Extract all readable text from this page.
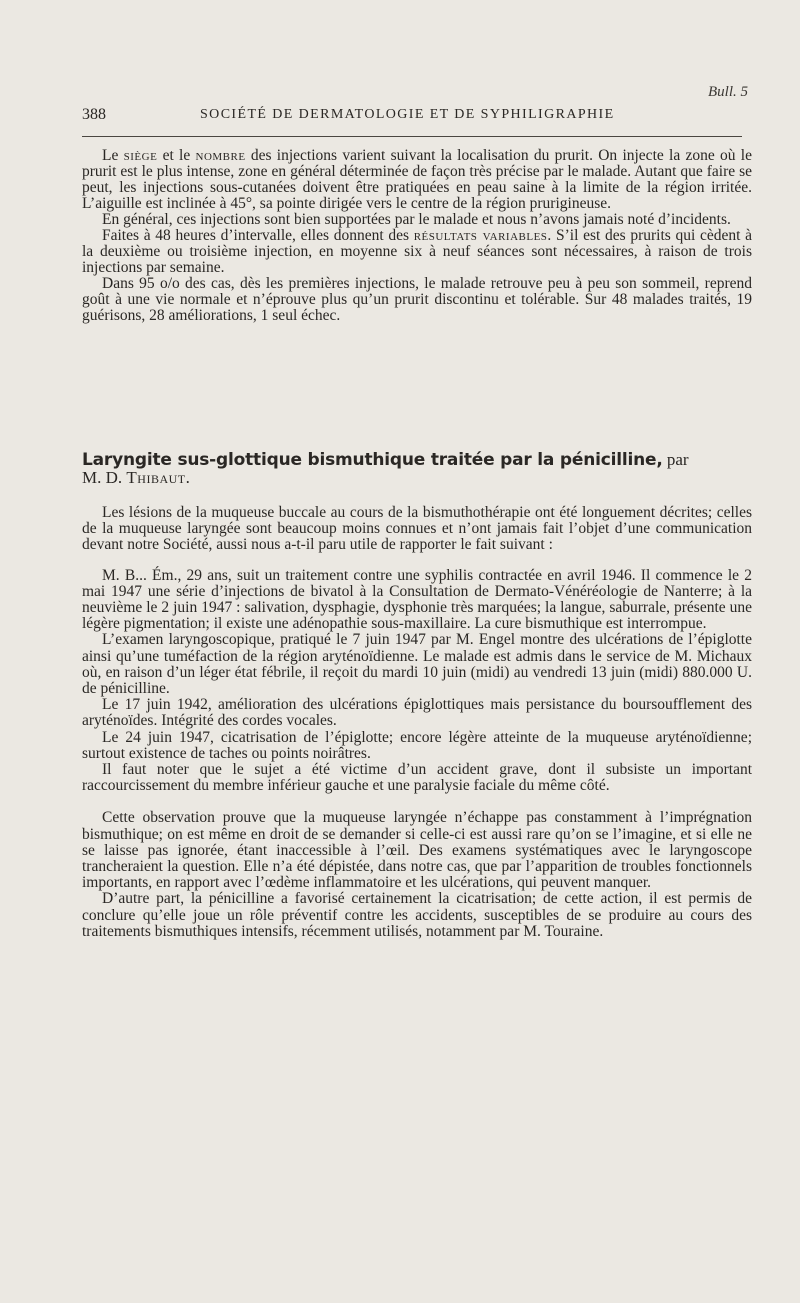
Bull. 5
388	SOCIÉTÉ DE DERMATOLOGIE ET DE SYPHILIGRAPHIE

Le siège et le nombre des injections varient suivant la localisation du prurit. On injecte la zone où le prurit est le plus intense, zone en général déterminée de façon très précise par le malade. Autant que faire se peut, les injections sous-cutanées doivent être pratiquées en peau saine à la limite de la région irritée. L’aiguille est inclinée à 45°, sa pointe dirigée vers le centre de la région prurigineuse.

En général, ces injections sont bien supportées par le malade et nous n’avons jamais noté d’incidents.

Faites à 48 heures d’intervalle, elles donnent des résultats variables. S’il est des prurits qui cèdent à la deuxième ou troisième injection, en moyenne six à neuf séances sont nécessaires, à raison de trois injections par semaine.

Dans 95 o/o des cas, dès les premières injections, le malade retrouve peu à peu son sommeil, reprend goût à une vie normale et n’éprouve plus qu’un prurit discontinu et tolérable. Sur 48 malades traités, 19 guérisons, 28 améliorations, 1 seul échec.

Laryngite sus-glottique bismuthique traitée par la pénicilline, par
M. D. Thibaut.

Les lésions de la muqueuse buccale au cours de la bismuthothérapie ont été longuement décrites; celles de la muqueuse laryngée sont beaucoup moins connues et n’ont jamais fait l’objet d’une communication devant notre Société, aussi nous a-t-il paru utile de rapporter le fait suivant :

M. B... Ém., 29 ans, suit un traitement contre une syphilis contractée en avril 1946. Il commence le 2 mai 1947 une série d’injections de bivatol à la Consultation de Dermato-Vénéréologie de Nanterre; à la neuvième le 2 juin 1947 : salivation, dysphagie, dysphonie très marquées; la langue, saburrale, présente une légère pigmentation; il existe une adénopathie sous-maxillaire. La cure bismuthique est interrompue.

L’examen laryngoscopique, pratiqué le 7 juin 1947 par M. Engel montre des ulcérations de l’épiglotte ainsi qu’une tuméfaction de la région aryténoïdienne. Le malade est admis dans le service de M. Michaux où, en raison d’un léger état fébrile, il reçoit du mardi 10 juin (midi) au vendredi 13 juin (midi) 880.000 U. de pénicilline.

Le 17 juin 1942, amélioration des ulcérations épiglottiques mais persistance du boursoufflement des aryténoïdes. Intégrité des cordes vocales.

Le 24 juin 1947, cicatrisation de l’épiglotte; encore légère atteinte de la muqueuse aryténoïdienne; surtout existence de taches ou points noirâtres.

Il faut noter que le sujet a été victime d’un accident grave, dont il subsiste un important raccourcissement du membre inférieur gauche et une paralysie faciale du même côté.

Cette observation prouve que la muqueuse laryngée n’échappe pas constamment à l’imprégnation bismuthique; on est même en droit de se demander si celle-ci est aussi rare qu’on se l’imagine, et si elle ne se laisse pas ignorée, étant inaccessible à l’œil. Des examens systématiques avec le laryngoscope trancheraient la question. Elle n’a été dépistée, dans notre cas, que par l’apparition de troubles fonctionnels importants, en rapport avec l’œdème inflammatoire et les ulcérations, qui peuvent manquer.

D’autre part, la pénicilline a favorisé certainement la cicatrisation; de cette action, il est permis de conclure qu’elle joue un rôle préventif contre les accidents, susceptibles de se produire au cours des traitements bismuthiques intensifs, récemment utilisés, notamment par M. Touraine.
